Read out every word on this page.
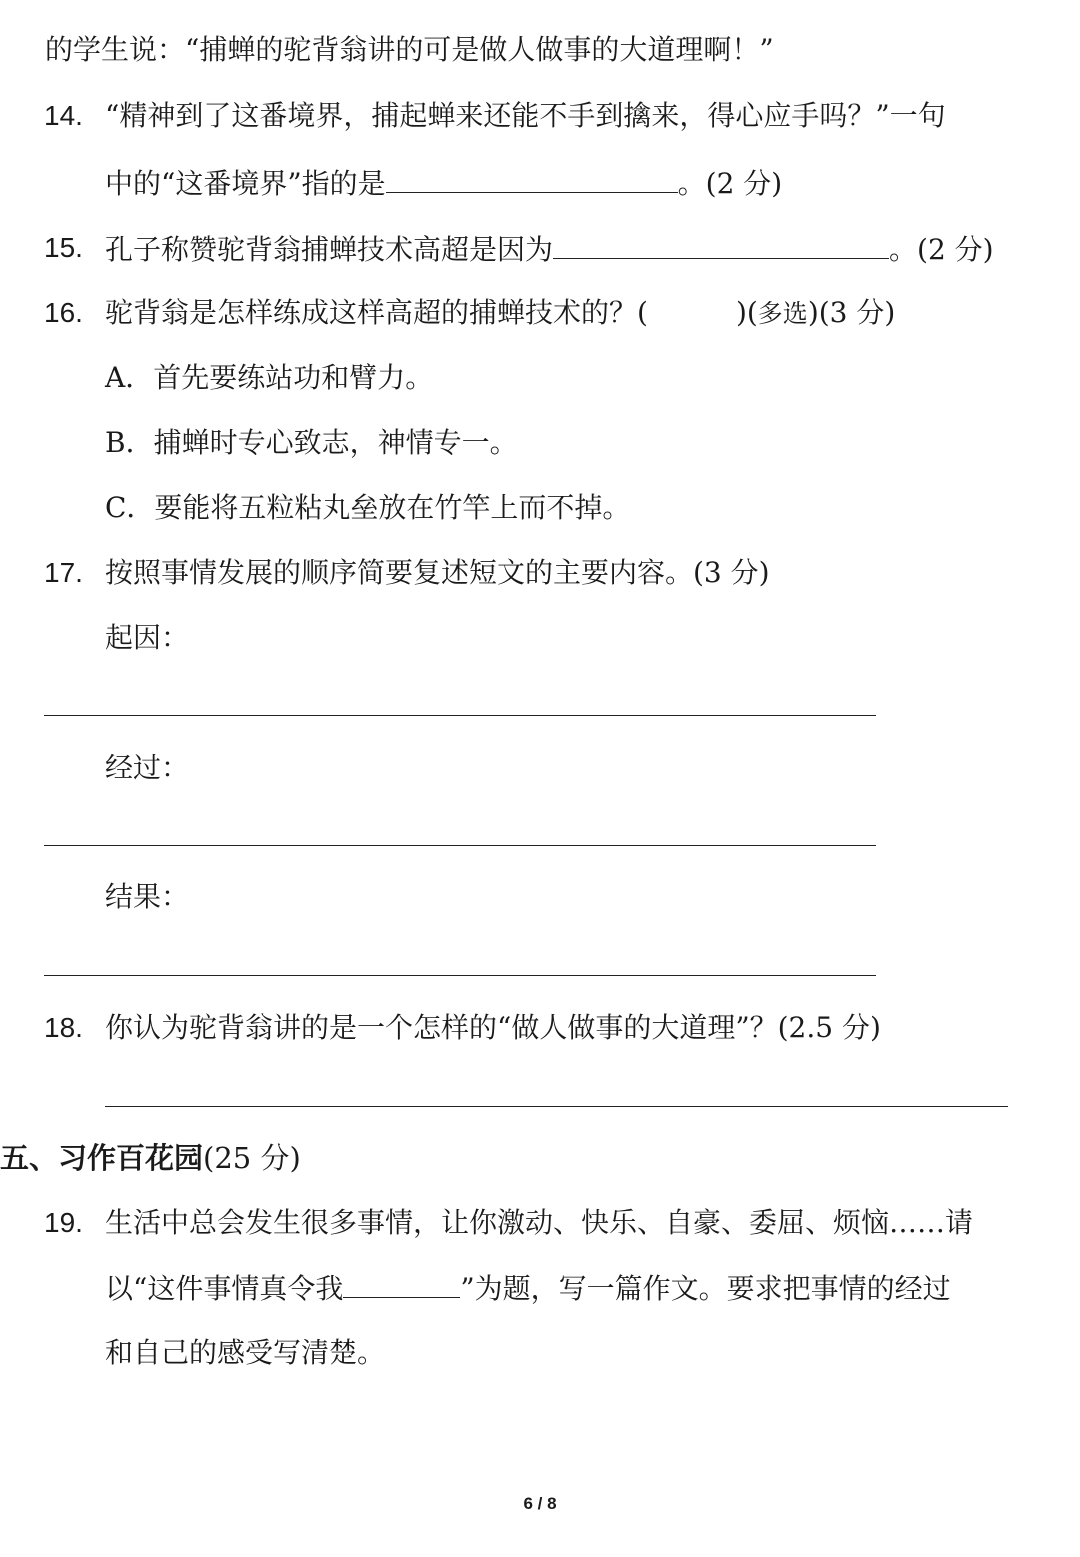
的学生说：“捕蝉的驼背翁讲的可是做人做事的大道理啊！”
14. “精神到了这番境界，捕起蝉来还能不手到擒来，得心应手吗？”一句
中的“这番境界”指的是	。(2 分)
15. 孔子称赞驼背翁捕蝉技术高超是因为	。(2 分)
16. 驼背翁是怎样练成这样高超的捕蝉技术的？(	)(多选)(3 分)
A．首先要练站功和臂力。
B．捕蝉时专心致志，神情专一。
C．要能将五粒粘丸垒放在竹竿上而不掉。
17. 按照事情发展的顺序简要复述短文的主要内容。(3 分)
起因：
经过：
结果：
18. 你认为驼背翁讲的是一个怎样的“做人做事的大道理”？(2.5 分)
五、习作百花园(25 分)
19. 生活中总会发生很多事情，让你激动、快乐、自豪、委屈、烦恼……请
以“这件事情真令我	”为题，写一篇作文。要求把事情的经过
和自己的感受写清楚。
6 / 8
